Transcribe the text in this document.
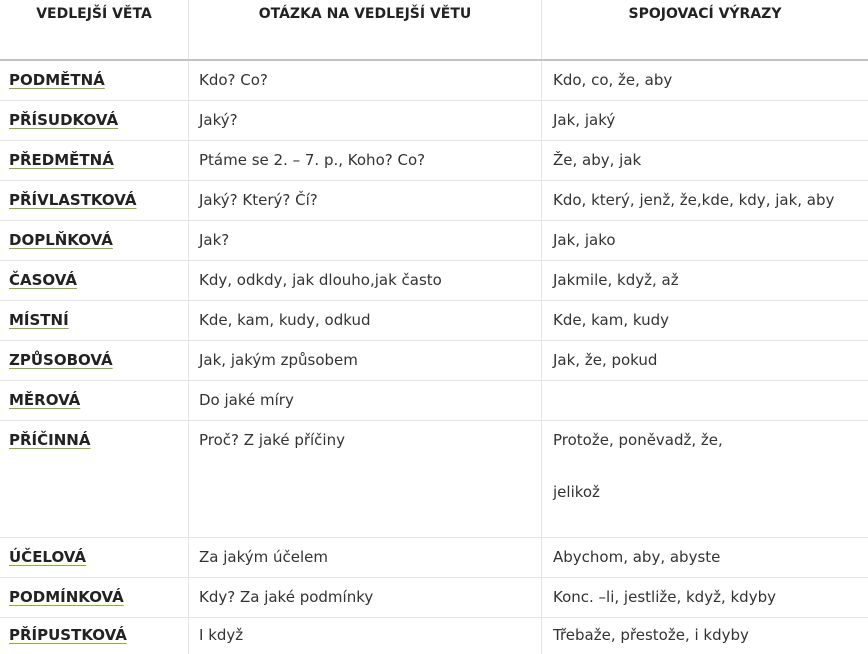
VEDLEJŠÍ VĚTA	OTÁZKA NA VEDLEJŠÍ VĚTU	SPOJOVACÍ VÝRAZY
PODMĚTNÁ	Kdo? Co?	Kdo, co, že, aby
PŘÍSUDKOVÁ	Jaký?	Jak, jaký
PŘEDMĚTNÁ	Ptáme se 2. – 7. p., Koho? Co?	Že, aby, jak
PŘÍVLASTKOVÁ	Jaký? Který? Čí?	Kdo, který, jenž, že,kde, kdy, jak, aby
DOPLŇKOVÁ	Jak?	Jak, jako
ČASOVÁ	Kdy, odkdy, jak dlouho,jak často	Jakmile, když, až
MÍSTNÍ	Kde, kam, kudy, odkud	Kde, kam, kudy
ZPŮSOBOVÁ	Jak, jakým způsobem	Jak, že, pokud
MĚROVÁ	Do jaké míry
PŘÍČINNÁ	Proč? Z jaké příčiny	Protože, poněvadž, že,
jelikož
ÚČELOVÁ	Za jakým účelem	Abychom, aby, abyste
PODMÍNKOVÁ	Kdy? Za jaké podmínky	Konc. –li, jestliže, když, kdyby
PŘÍPUSTKOVÁ	I když	Třebaže, přestože, i kdyby
